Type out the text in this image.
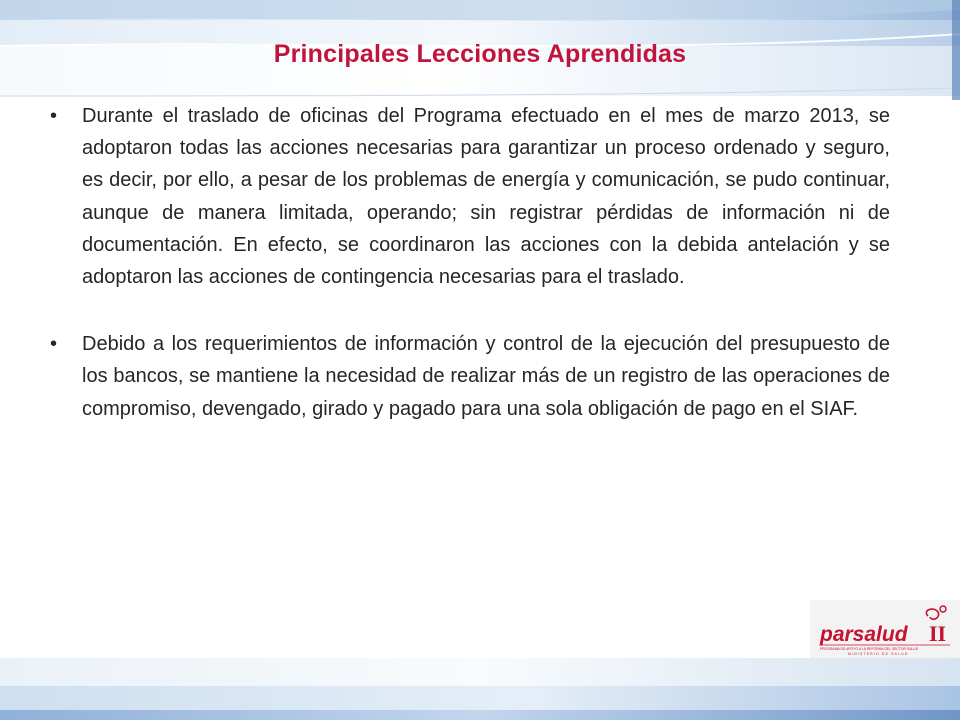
Principales Lecciones Aprendidas
• Durante el traslado de oficinas del Programa efectuado en el mes de marzo 2013, se adoptaron todas las acciones necesarias para garantizar un proceso ordenado y seguro, es decir, por ello, a pesar de los problemas de energía y comunicación, se pudo continuar, aunque de manera limitada, operando; sin registrar pérdidas de información ni de documentación. En efecto, se coordinaron las acciones con la debida antelación y se adoptaron las acciones de contingencia necesarias para el traslado.
• Debido a los requerimientos de información y control de la ejecución del presupuesto de los bancos, se mantiene la necesidad de realizar más de un registro de las operaciones de compromiso, devengado, girado y pagado para una sola obligación de pago en el SIAF.
parsalud II
PROGRAMA DE APOYO A LA REFORMA DEL SECTOR SALUD
MINISTERIO DE SALUD
